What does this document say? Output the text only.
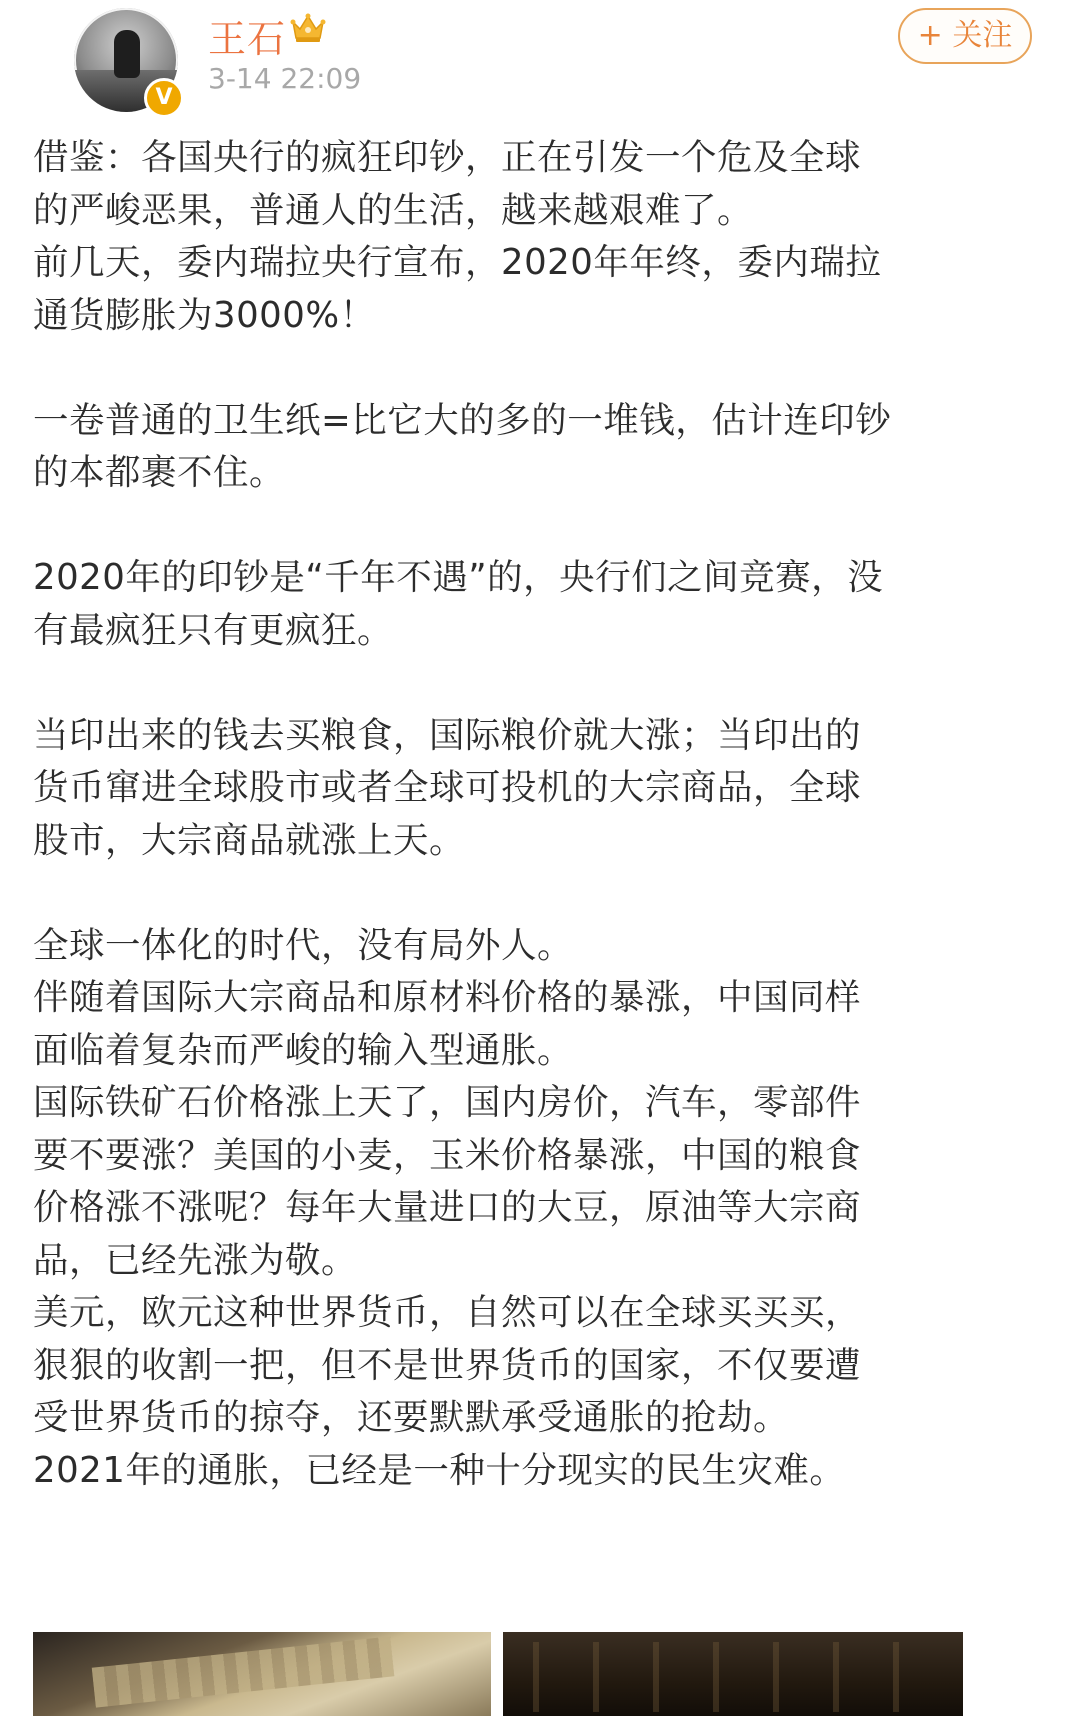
V
王石
3-14 22:09
+ 关注

借鉴：各国央行的疯狂印钞，正在引发一个危及全球

的严峻恶果，普通人的生活，越来越艰难了。

前几天，委内瑞拉央行宣布，2020年年终，委内瑞拉

通货膨胀为3000%！

一卷普通的卫生纸=比它大的多的一堆钱，估计连印钞

的本都裹不住。

2020年的印钞是“千年不遇”的，央行们之间竞赛，没

有最疯狂只有更疯狂。

当印出来的钱去买粮食，国际粮价就大涨；当印出的

货币窜进全球股市或者全球可投机的大宗商品，全球

股市，大宗商品就涨上天。

全球一体化的时代，没有局外人。

伴随着国际大宗商品和原材料价格的暴涨，中国同样

面临着复杂而严峻的输入型通胀。

国际铁矿石价格涨上天了，国内房价，汽车，零部件

要不要涨？美国的小麦，玉米价格暴涨，中国的粮食

价格涨不涨呢？每年大量进口的大豆，原油等大宗商

品，已经先涨为敬。

美元，欧元这种世界货币，自然可以在全球买买买，

狠狠的收割一把，但不是世界货币的国家，不仅要遭

受世界货币的掠夺，还要默默承受通胀的抢劫。

2021年的通胀，已经是一种十分现实的民生灾难。
